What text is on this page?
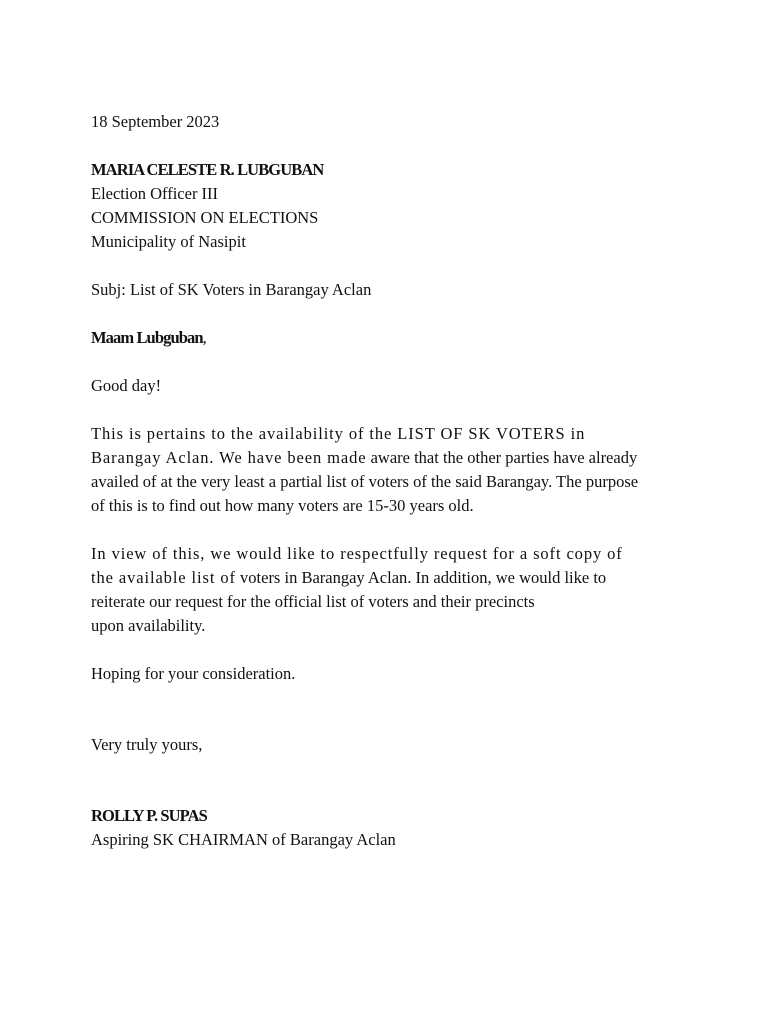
18 September 2023
MARIA CELESTE R. LUBGUBAN
Election Officer III
COMMISSION ON ELECTIONS
Municipality of Nasipit
Subj: List of SK Voters in Barangay Aclan
Maam Lubguban,
Good day!
This is pertains to the availability of the LIST OF SK VOTERS in
Barangay Aclan. We have been made aware that the other parties have already
availed of at the very least a partial list of voters of the said Barangay. The purpose
of this is to find out how many voters are 15-30 years old.
In view of this, we would like to respectfully request for a soft copy of
the available list of voters in Barangay Aclan. In addition, we would like to
reiterate our request for the official list of voters and their precincts
upon availability.
Hoping for your consideration.
Very truly yours,
ROLLY P. SUPAS
Aspiring SK CHAIRMAN of Barangay Aclan
